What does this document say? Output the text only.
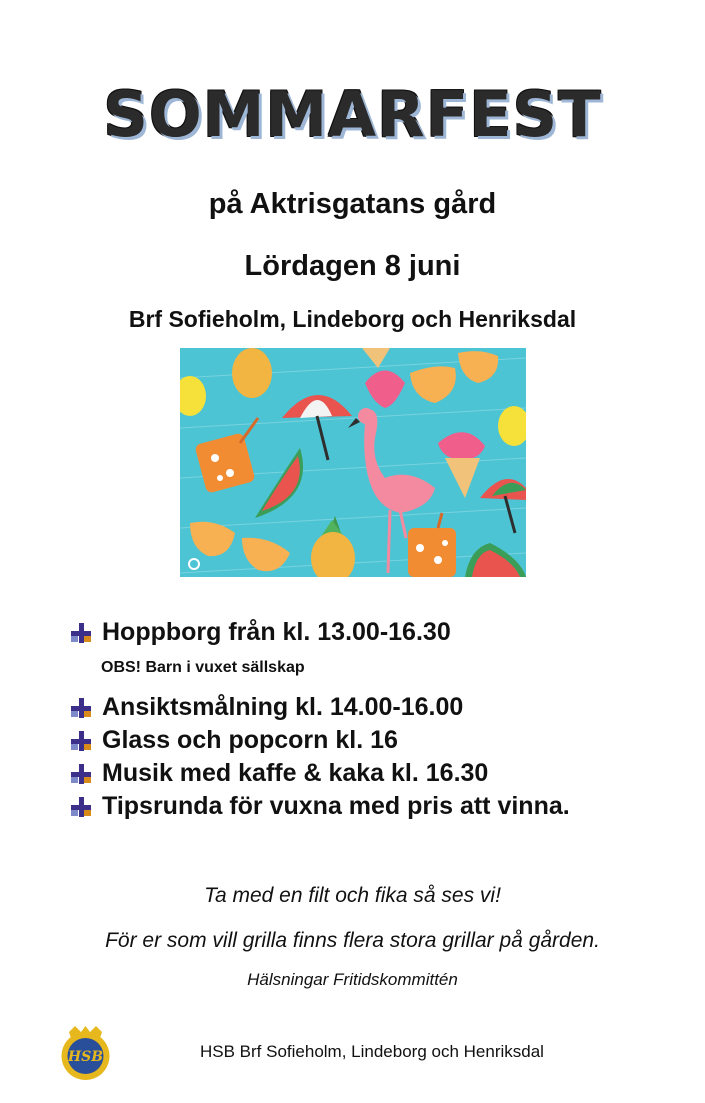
SOMMARFEST
på Aktrisgatans gård
Lördagen 8 juni
Brf Sofieholm, Lindeborg och Henriksdal
Hoppborg från kl. 13.00-16.30
OBS! Barn i vuxet sällskap
Ansiktsmålning kl. 14.00-16.00
Glass och popcorn kl. 16
Musik med kaffe & kaka kl. 16.30
Tipsrunda för vuxna med pris att vinna.
Ta med en filt och fika så ses vi!
För er som vill grilla finns flera stora grillar på gården.
Hälsningar Fritidskommittén
HSB	HSB Brf Sofieholm, Lindeborg och Henriksdal
